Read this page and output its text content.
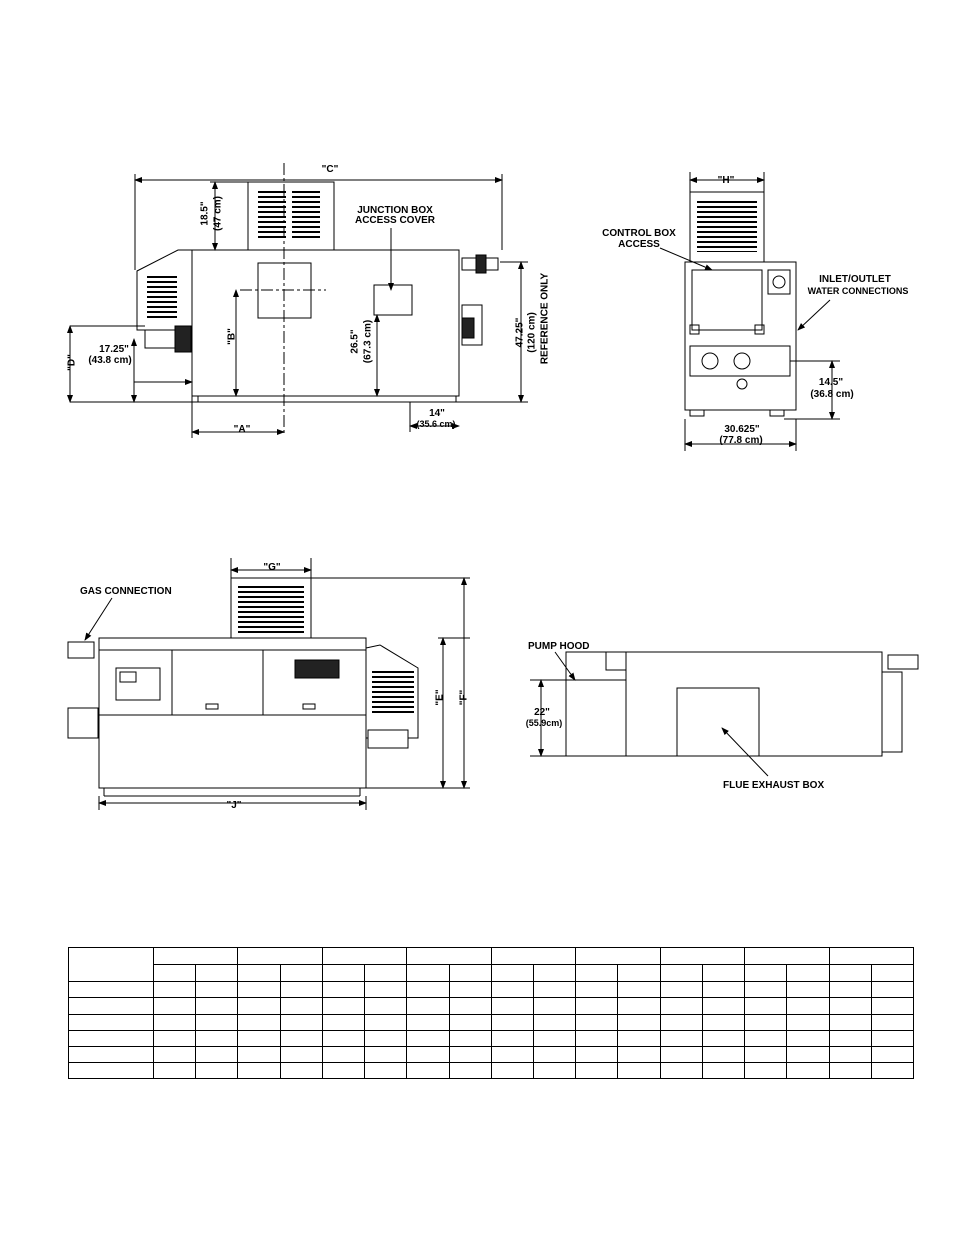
"C"
18.5" (47 cm)	JUNCTION BOX
ACCESS COVER
"B"	26.5" (67.3 cm)
17.25"
(43.8 cm)
"D"
47.25" (120 cm) REFERENCE ONLY
"A"
14"
(35.6 cm)
"H"
CONTROL BOX
ACCESS
INLET/OUTLET
WATER CONNECTIONS
14.5"
(36.8 cm)
30.625"
(77.8 cm)
GAS CONNECTION
"G"
"E" "F"
"J"
PUMP HOOD
22"
(55.9cm)
FLUE EXHAUST BOX
